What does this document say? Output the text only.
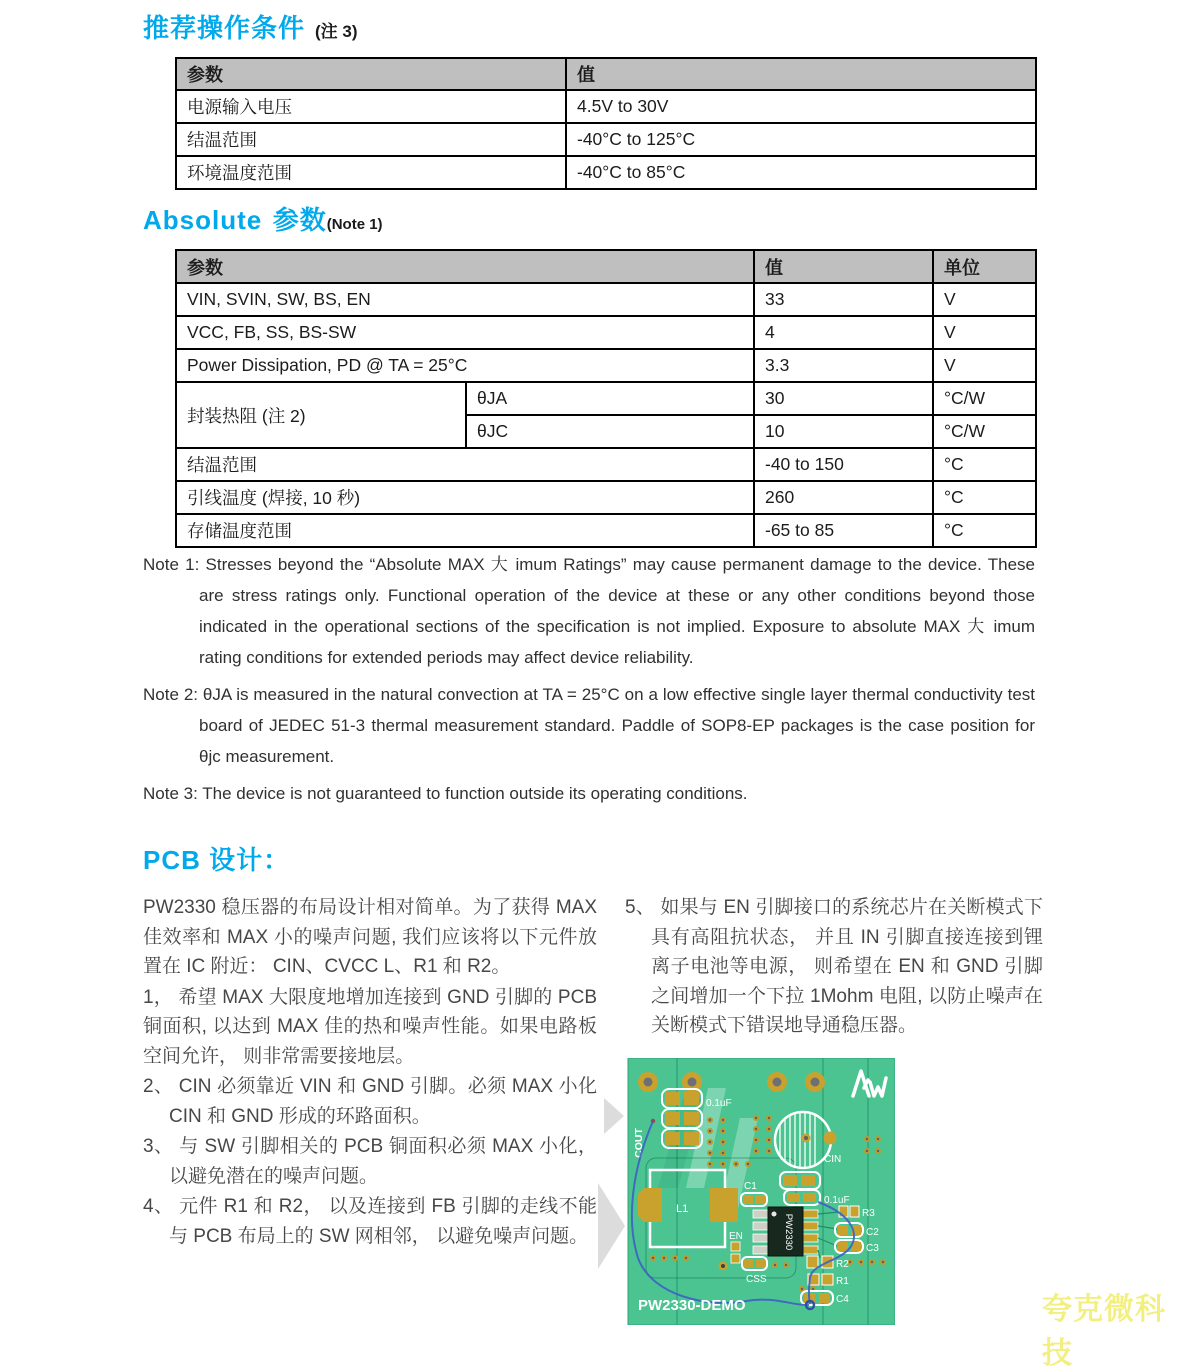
推荐操作条件 (注 3)
参数	值
电源输入电压	4.5V to 30V
结温范围	-40°C to 125°C
环境温度范围	-40°C to 85°C
Absolute 参数(Note 1)
参数		值	单位
VIN, SVIN, SW, BS, EN		33	V
VCC, FB, SS, BS-SW		4	V
Power Dissipation, PD @ TA = 25°C		3.3	V
封装热阻 (注 2)	θJA	30	°C/W
	θJC	10	°C/W
结温范围		-40 to 150	°C
引线温度 (焊接, 10 秒)		260	°C
存储温度范围		-65 to 85	°C

Note 1: Stresses beyond the “Absolute MAX 大 imum Ratings” may cause permanent damage to the device. These are stress ratings only. Functional operation of the device at these or any other conditions beyond those indicated in the operational sections of the specification is not implied. Exposure to absolute MAX 大 imum rating conditions for extended periods may affect device reliability.

Note 2: θJA is measured in the natural convection at TA = 25°C on a low effective single layer thermal conductivity test board of JEDEC 51-3 thermal measurement standard. Paddle of SOP8-EP packages is the case position for θjc measurement.

Note 3: The device is not guaranteed to function outside its operating conditions.

PCB 设计：

PW2330 稳压器的布局设计相对简单。为了获得 MAX 佳效率和 MAX 小的噪声问题, 我们应该将以下元件放置在 IC 附近： CIN、CVCC L、R1 和 R2。

1， 希望 MAX 大限度地增加连接到 GND 引脚的 PCB 铜面积, 以达到 MAX 佳的热和噪声性能。如果电路板空间允许， 则非常需要接地层。

2、 CIN 必须靠近 VIN 和 GND 引脚。必须 MAX 小化 CIN 和 GND 形成的环路面积。

3、 与 SW 引脚相关的 PCB 铜面积必须 MAX 小化， 以避免潜在的噪声问题。

4、 元件 R1 和 R2， 以及连接到 FB 引脚的走线不能与 PCB 布局上的 SW 网相邻， 以避免噪声问题。

5、 如果与 EN 引脚接口的系统芯片在关断模式下具有高阻抗状态， 并且 IN 引脚直接连接到锂离子电池等电源， 则希望在 EN 和 GND 引脚之间增加一个下拉 1Mohm 电阻, 以防止噪声在关断模式下错误地导通稳压器。

0.1uF
COUT
CIN
0.1uF
L1
C1
PW2330
EN
CSS
R3
C2
C3
R2
R1
C4
PW2330-DEMO	夸克微科技
